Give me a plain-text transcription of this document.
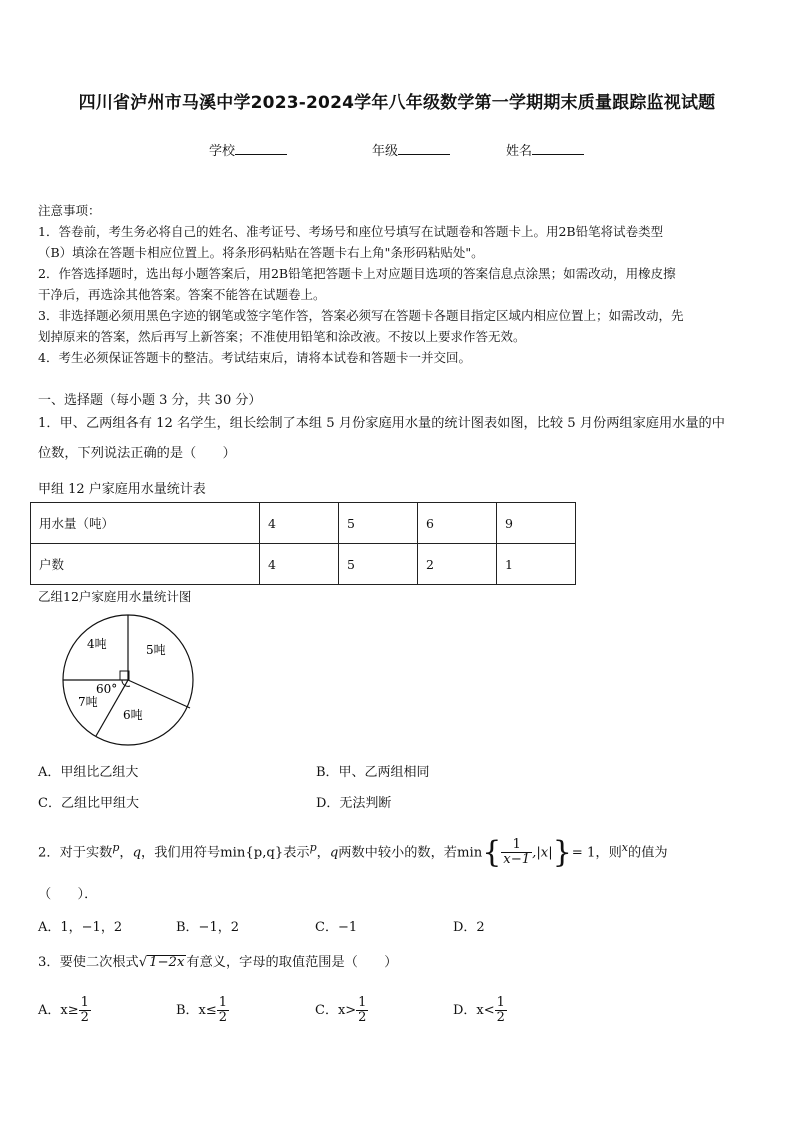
四川省泸州市马溪中学2023-2024学年八年级数学第一学期期末质量跟踪监视试题
学校	年级	姓名

注意事项：

1．答卷前，考生务必将自己的姓名、准考证号、考场号和座位号填写在试题卷和答题卡上。用2B铅笔将试卷类型

（B）填涂在答题卡相应位置上。将条形码粘贴在答题卡右上角"条形码粘贴处"。

2．作答选择题时，选出每小题答案后，用2B铅笔把答题卡上对应题目选项的答案信息点涂黑；如需改动，用橡皮擦

干净后，再选涂其他答案。答案不能答在试题卷上。

3．非选择题必须用黑色字迹的钢笔或签字笔作答，答案必须写在答题卡各题目指定区域内相应位置上；如需改动，先

划掉原来的答案，然后再写上新答案；不准使用铅笔和涂改液。不按以上要求作答无效。

4．考生必须保证答题卡的整洁。考试结束后，请将本试卷和答题卡一并交回。

一、选择题（每小题 3 分，共 30 分）
1．甲、乙两组各有 12 名学生，组长绘制了本组 5 月份家庭用水量的统计图表如图，比较 5 月份两组家庭用水量的中
位数，下列说法正确的是（　　）
甲组 12 户家庭用水量统计表
用水量（吨）	4	5	6	9
户数	4	5	2	1
乙组12户家庭用水量统计图
4吨	5吨
6吨
7吨
60°
A．甲组比乙组大	B．甲、乙两组相同
C．乙组比甲组大	D．无法判断
2．对于实数$^p$，q，我们用符号min{p,q}表示$^p$，q两数中较小的数，若$\min\{ \frac{1}{x-1} ,|x|\}= 1$，则$^x$的值为
（　　）．
A．1，−1，2	B．−1，2	C．−1	D．2
3．要使二次根式√ 1−2x 有意义，字母的取值范围是（　　）
A．$x\ge \frac{1}{2}$	B．$x\le \frac{1}{2}$	C．$x> \frac{1}{2}$	D．$x< \frac{1}{2}$
